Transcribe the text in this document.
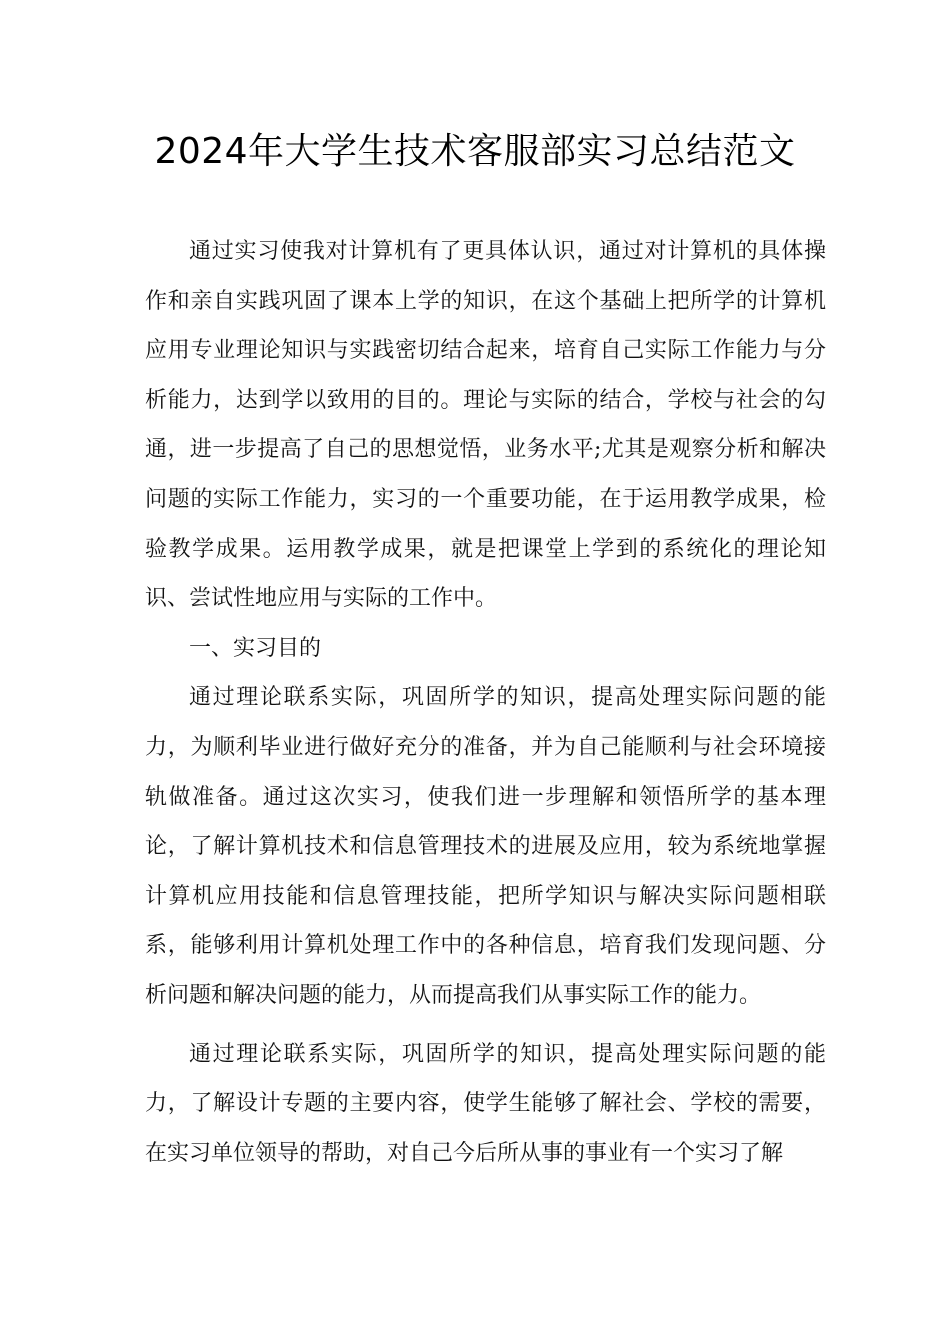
2024年大学生技术客服部实习总结范文

通过实习使我对计算机有了更具体认识，通过对计算机的具体操作和亲自实践巩固了课本上学的知识，在这个基础上把所学的计算机应用专业理论知识与实践密切结合起来，培育自己实际工作能力与分析能力，达到学以致用的目的。理论与实际的结合，学校与社会的勾通，进一步提高了自己的思想觉悟，业务水平;尤其是观察分析和解决问题的实际工作能力，实习的一个重要功能，在于运用教学成果，检验教学成果。运用教学成果，就是把课堂上学到的系统化的理论知识、尝试性地应用与实际的工作中。

一、实习目的

通过理论联系实际，巩固所学的知识，提高处理实际问题的能力，为顺利毕业进行做好充分的准备，并为自己能顺利与社会环境接轨做准备。通过这次实习，使我们进一步理解和领悟所学的基本理论，了解计算机技术和信息管理技术的进展及应用，较为系统地掌握计算机应用技能和信息管理技能，把所学知识与解决实际问题相联系，能够利用计算机处理工作中的各种信息，培育我们发现问题、分析问题和解决问题的能力，从而提高我们从事实际工作的能力。

通过理论联系实际，巩固所学的知识，提高处理实际问题的能力，了解设计专题的主要内容，使学生能够了解社会、学校的需要，在实习单位领导的帮助，对自己今后所从事的事业有一个实习了解
